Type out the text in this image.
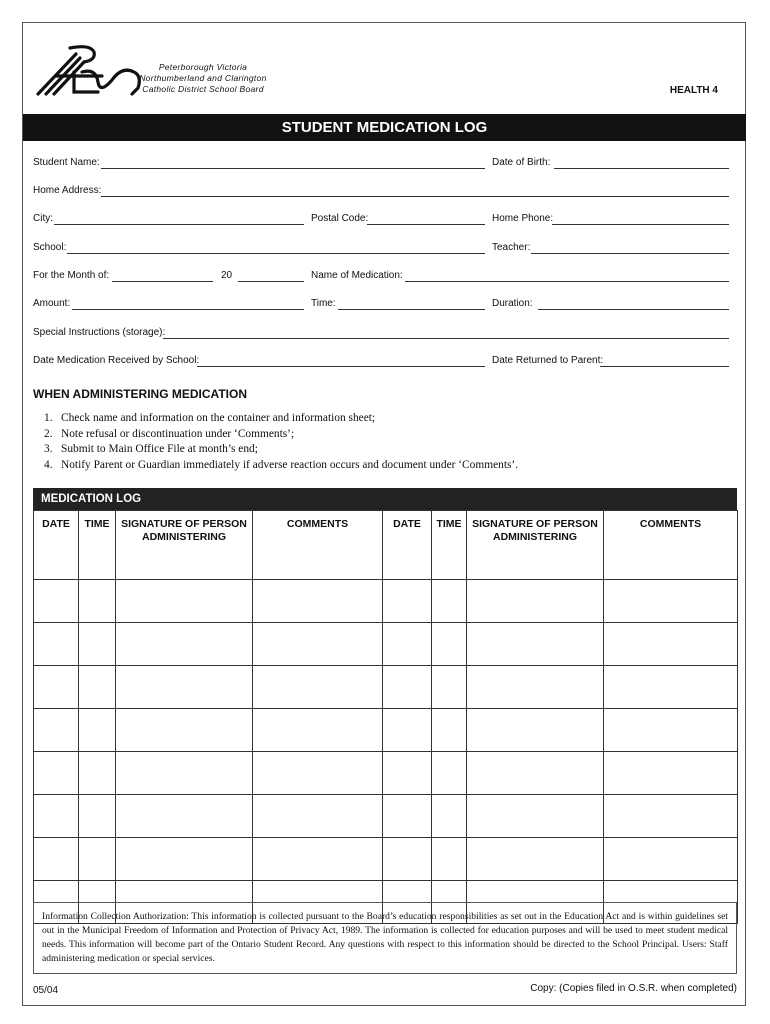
Peterborough Victoria
Northumberland and Clarington
Catholic District School Board	HEALTH 4
STUDENT MEDICATION LOG
Student Name:	Date of Birth:
Home Address:
City:	Postal Code:	Home Phone:
School:	Teacher:
For the Month of:	20	Name of Medication:
Amount:	Time:	Duration:
Special Instructions (storage):
Date Medication Received by School:	Date Returned to Parent:
WHEN ADMINISTERING MEDICATION
1. Check name and information on the container and information sheet;
2. Note refusal or discontinuation under ‘Comments’;
3. Submit to Main Office File at month’s end;
4. Notify Parent or Guardian immediately if adverse reaction occurs and document under ‘Comments’.
MEDICATION LOG
DATE	TIME	SIGNATURE OF PERSON ADMINISTERING	COMMENTS	DATE	TIME	SIGNATURE OF PERSON ADMINISTERING	COMMENTS

Information Collection Authorization: This information is collected pursuant to the Board’s education responsibilities as set out in the Education Act and is within guidelines set out in the Municipal Freedom of Information and Protection of Privacy Act, 1989. The information is collected for education purposes and will be used to meet student medical needs. This information will become part of the Ontario Student Record. Any questions with respect to this information should be directed to the School Principal. Users: Staff administering medication or special services.
05/04	Copy: (Copies filed in O.S.R. when completed)
